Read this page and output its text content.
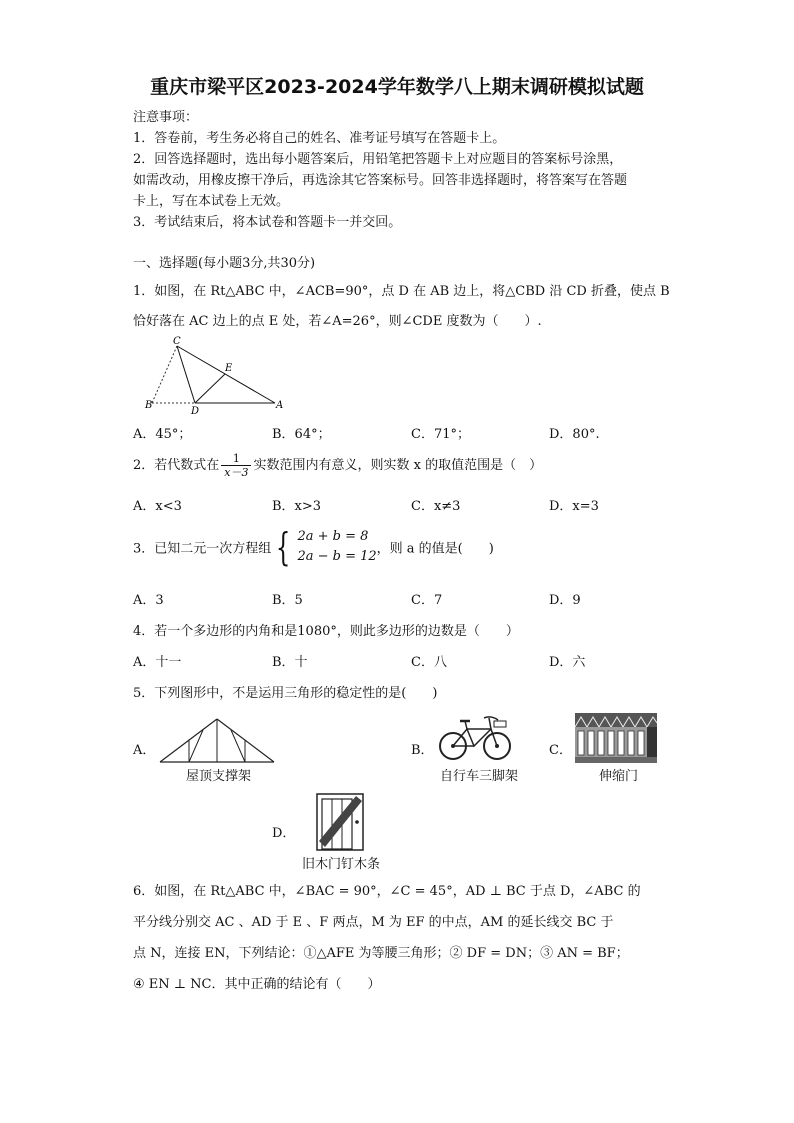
重庆市梁平区2023-2024学年数学八上期末调研模拟试题
注意事项：
1．答卷前，考生务必将自己的姓名、准考证号填写在答题卡上。
2．回答选择题时，选出每小题答案后，用铅笔把答题卡上对应题目的答案标号涂黑，
如需改动，用橡皮擦干净后，再选涂其它答案标号。回答非选择题时，将答案写在答题
卡上，写在本试卷上无效。
3．考试结束后，将本试卷和答题卡一并交回。
一、选择题(每小题3分,共30分)
1．如图，在 Rt△ABC 中，∠ACB=90°，点 D 在 AB 边上，将△CBD 沿 CD 折叠，使点 B
恰好落在 AC 边上的点 E 处，若∠A=26°，则∠CDE 度数为（　　）.
C
E
B
D
A
A．45°；	B．64°；	C．71°；	D．80°.
2．若代数式在 $\frac{1}{x-3}$ 实数范围内有意义，则实数 x 的取值范围是（　）
A．x<3	B．x>3	C．x≠3	D．x=3
3．已知二元一次方程组 { 2a + b = 8
2a − b = 12 ，则 a 的值是(　　)
A．3	B．5	C．7	D．9
4．若一个多边形的内角和是1080°，则此多边形的边数是（　　）
A．十一	B．十	C．八	D．六
5．下列图形中，不是运用三角形的稳定性的是(　　)
A．
屋顶支撑架
B．
自行车三脚架
C．
伸缩门
D．
旧木门钉木条
6．如图，在 Rt△ABC 中，∠BAC = 90°，∠C = 45°，AD ⊥ BC 于点 D，∠ABC 的
平分线分别交 AC 、AD 于 E 、F 两点，M 为 EF 的中点，AM 的延长线交 BC 于
点 N，连接 EN，下列结论：①△AFE 为等腰三角形；② DF = DN；③ AN = BF；
④ EN ⊥ NC．其中正确的结论有（　　）
